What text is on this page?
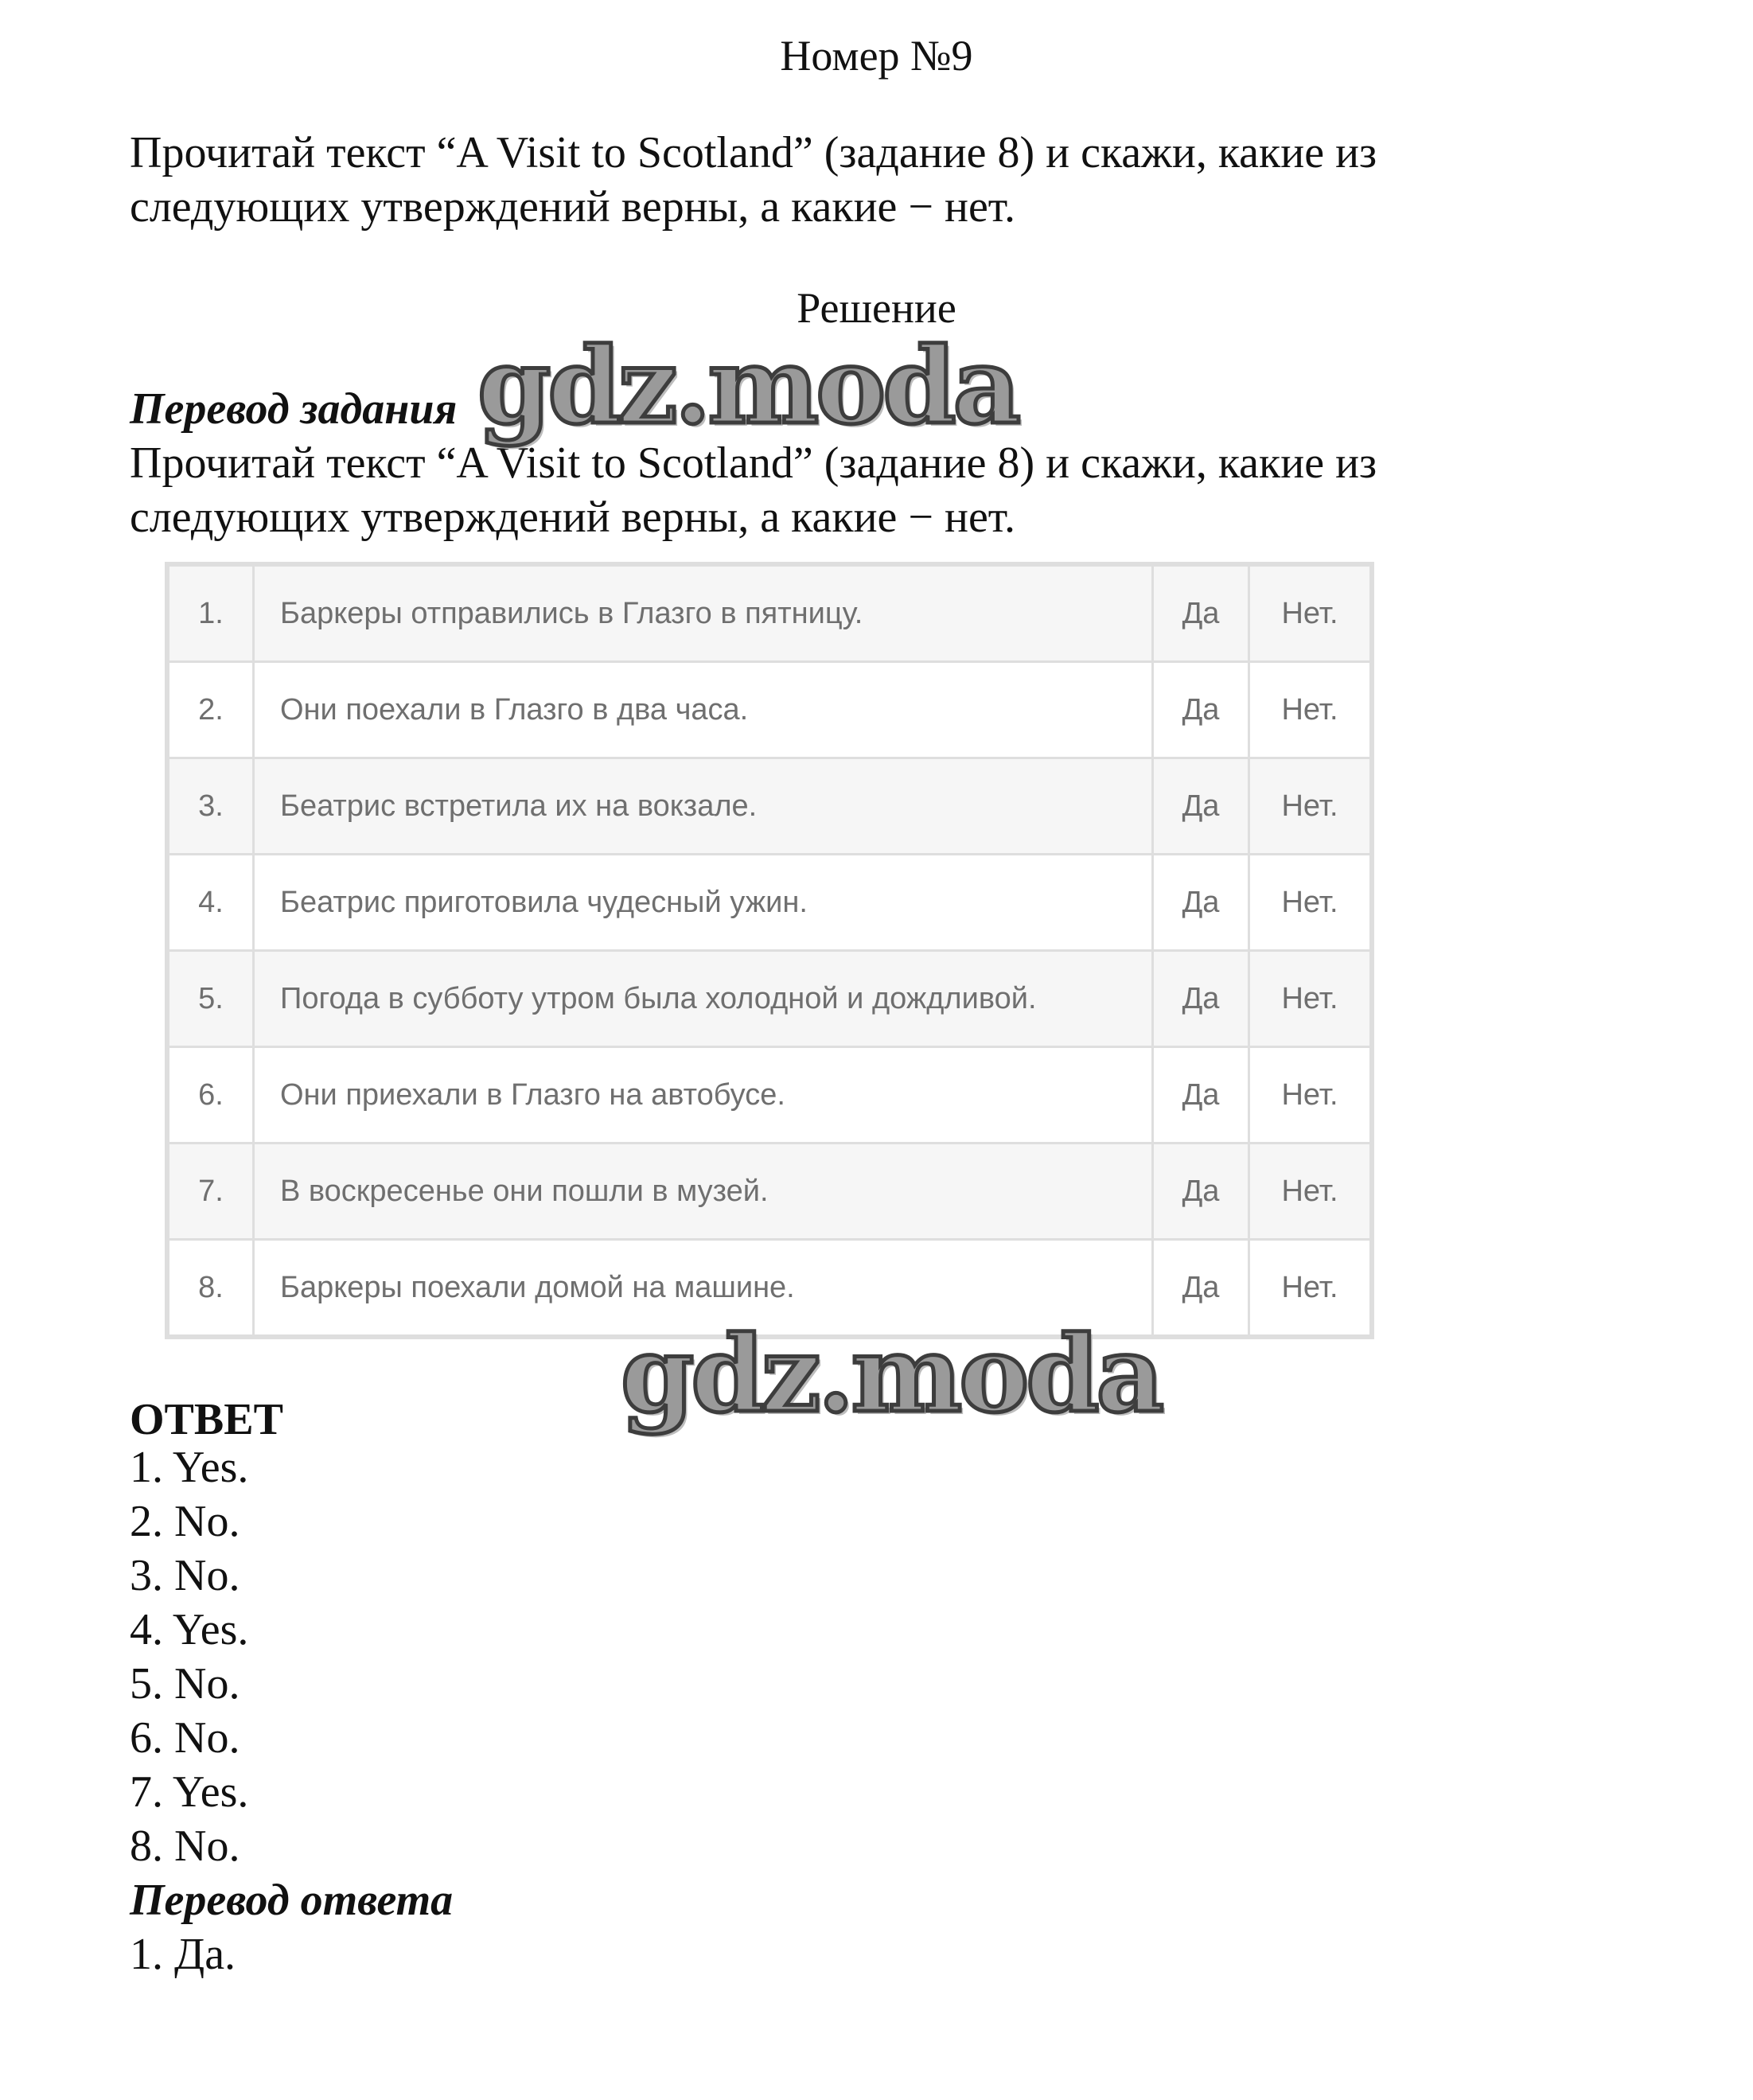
Номер №9
Прочитай текст “A Visit to Scotland” (задание 8) и скажи, какие из
следующих утверждений верны, а какие − нет.
Решение
Перевод задания
Прочитай текст “A Visit to Scotland” (задание 8) и скажи, какие из
следующих утверждений верны, а какие − нет.
1.	Баркеры отправились в Глазго в пятницу.	Да	Нет.
2.	Они поехали в Глазго в два часа.	Да	Нет.
3.	Беатрис встретила их на вокзале.	Да	Нет.
4.	Беатрис приготовила чудесный ужин.	Да	Нет.
5.	Погода в субботу утром была холодной и дождливой.	Да	Нет.
6.	Они приехали в Глазго на автобусе.	Да	Нет.
7.	В воскресенье они пошли в музей.	Да	Нет.
8.	Баркеры поехали домой на машине.	Да	Нет.
ОТВЕТ
1. Yes.
2. No.
3. No.
4. Yes.
5. No.
6. No.
7. Yes.
8. No.
Перевод ответа
1. Да.
gdz.moda
gdz.moda
